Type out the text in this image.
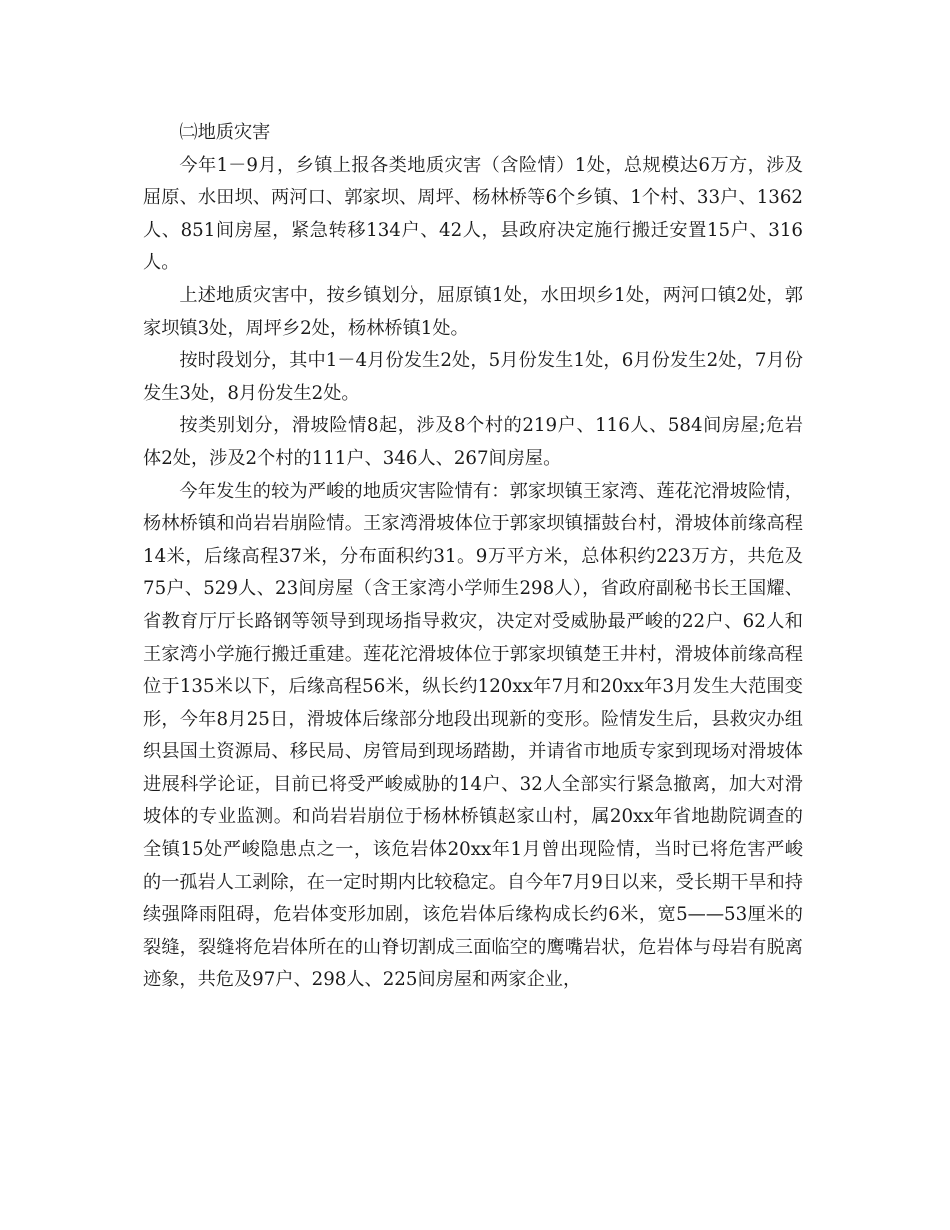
㈡地质灾害

今年1－9月，乡镇上报各类地质灾害（含险情）1处，总规模达6万方，涉及屈原、水田坝、两河口、郭家坝、周坪、杨林桥等6个乡镇、1个村、33户、1362人、851间房屋，紧急转移134户、42人，县政府决定施行搬迁安置15户、316人。

上述地质灾害中，按乡镇划分，屈原镇1处，水田坝乡1处，两河口镇2处，郭家坝镇3处，周坪乡2处，杨林桥镇1处。

按时段划分，其中1－4月份发生2处，5月份发生1处，6月份发生2处，7月份发生3处，8月份发生2处。

按类别划分，滑坡险情8起，涉及8个村的219户、116人、584间房屋;危岩体2处，涉及2个村的111户、346人、267间房屋。

今年发生的较为严峻的地质灾害险情有：郭家坝镇王家湾、莲花沱滑坡险情，杨林桥镇和尚岩岩崩险情。王家湾滑坡体位于郭家坝镇擂鼓台村，滑坡体前缘高程14米，后缘高程37米，分布面积约31。9万平方米，总体积约223万方，共危及75户、529人、23间房屋（含王家湾小学师生298人），省政府副秘书长王国耀、省教育厅厅长路钢等领导到现场指导救灾，决定对受威胁最严峻的22户、62人和王家湾小学施行搬迁重建。莲花沱滑坡体位于郭家坝镇楚王井村，滑坡体前缘高程位于135米以下，后缘高程56米，纵长约120xx年7月和20xx年3月发生大范围变形，今年8月25日，滑坡体后缘部分地段出现新的变形。险情发生后，县救灾办组织县国土资源局、移民局、房管局到现场踏勘，并请省市地质专家到现场对滑坡体进展科学论证，目前已将受严峻威胁的14户、32人全部实行紧急撤离，加大对滑坡体的专业监测。和尚岩岩崩位于杨林桥镇赵家山村，属20xx年省地勘院调查的全镇15处严峻隐患点之一，该危岩体20xx年1月曾出现险情，当时已将危害严峻的一孤岩人工剥除，在一定时期内比较稳定。自今年7月9日以来，受长期干旱和持续强降雨阻碍，危岩体变形加剧，该危岩体后缘构成长约6米，宽5——53厘米的裂缝，裂缝将危岩体所在的山脊切割成三面临空的鹰嘴岩状，危岩体与母岩有脱离迹象，共危及97户、298人、225间房屋和两家企业，
